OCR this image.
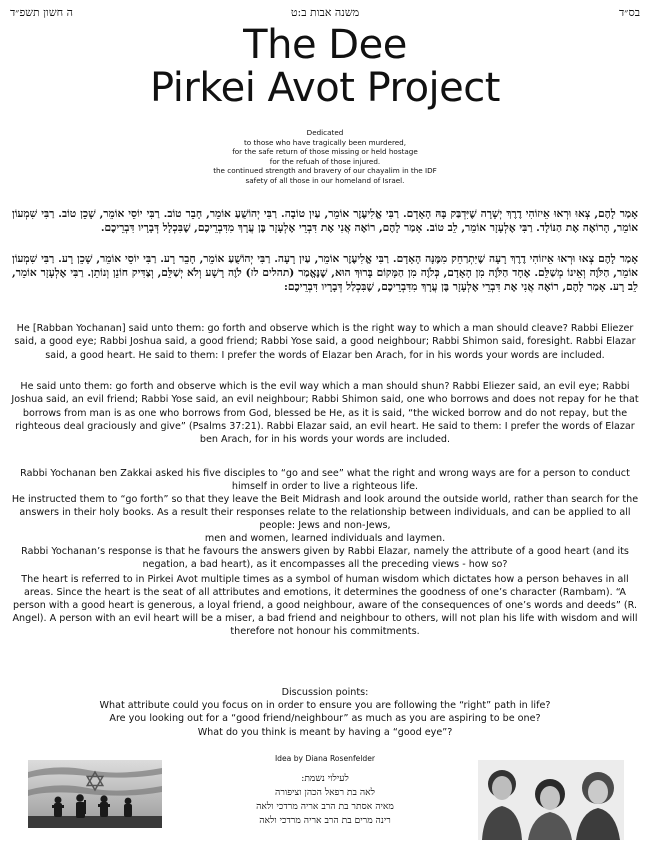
ה חשון תשפ״ד	משנה אבות ב:ט	בס״ד
The Dee
Pirkei Avot Project
Dedicated
to those who have tragically been murdered,
for the safe return of those missing or held hostage
for the refuah of those injured.
the continued strength and bravery of our chayalim in the IDF
safety of all those in our homeland of Israel.
אָמַר לָהֶם, צְאוּ וּרְאוּ אֵיזוֹהִי דֶרֶךְ יְשָׁרָה שֶׁיִּדְבַּק בָּהּ הָאָדָם. רַבִּי אֱלִיעֶזֶר אוֹמֵר, עַיִן טוֹבָה. רַבִּי יְהוֹשֻׁעַ אוֹמֵר, חָבֵר טוֹב. רַבִּי יוֹסֵי אוֹמֵר, שָׁכֵן טוֹב. רַבִּי שִׁמְעוֹן אוֹמֵר, הָרוֹאֶה אֶת הַנּוֹלָד. רַבִּי אֶלְעָזָר אוֹמֵר, לֵב טוֹב. אָמַר לָהֶם, רוֹאֶה אֲנִי אֶת דִּבְרֵי אֶלְעָזָר בֶּן עֲרָךְ מִדִּבְרֵיכֶם, שֶׁבִּכְלָל דְּבָרָיו דִּבְרֵיכֶם.
אָמַר לָהֶם צְאוּ וּרְאוּ אֵיזוֹהִי דֶרֶךְ רָעָה שֶׁיִּתְרַחֵק מִמֶּנָּה הָאָדָם. רַבִּי אֱלִיעֶזֶר אוֹמֵר, עַיִן רָעָה. רַבִּי יְהוֹשֻׁעַ אוֹמֵר, חָבֵר רָע. רַבִּי יוֹסֵי אוֹמֵר, שָׁכֵן רָע. רַבִּי שִׁמְעוֹן אוֹמֵר, הַלֹּוֶה וְאֵינוֹ מְשַׁלֵּם. אֶחָד הַלֹּוֶה מִן הָאָדָם, כְּלֹוֶה מִן הַמָּקוֹם בָּרוּךְ הוּא, שֶׁנֶּאֱמַר (תהלים לז) לֹוֶה רָשָׁע וְלֹא יְשַׁלֵּם, וְצַדִּיק חוֹנֵן וְנוֹתֵן. רַבִּי אֶלְעָזָר אוֹמֵר, לֵב רָע. אָמַר לָהֶם, רוֹאֶה אֲנִי אֶת דִּבְרֵי אֶלְעָזָר בֶּן עֲרָךְ מִדִּבְרֵיכֶם, שֶׁבִּכְלַל דְּבָרָיו דִּבְרֵיכֶם:

He [Rabban Yochanan] said unto them: go forth and observe which is the right way to which a man should cleave? Rabbi Eliezer said, a good eye; Rabbi Joshua said, a good friend; Rabbi Yose said, a good neighbour; Rabbi Shimon said, foresight. Rabbi Elazar said, a good heart. He said to them: I prefer the words of Elazar ben Arach, for in his words your words are included.

He said unto them: go forth and observe which is the evil way which a man should shun? Rabbi Eliezer said, an evil eye; Rabbi Joshua said, an evil friend; Rabbi Yose said, an evil neighbour; Rabbi Shimon said, one who borrows and does not repay for he that borrows from man is as one who borrows from God, blessed be He, as it is said, “the wicked borrow and do not repay, but the righteous deal graciously and give” (Psalms 37:21). Rabbi Elazar said, an evil heart. He said to them: I prefer the words of Elazar ben Arach, for in his words your words are included.

Rabbi Yochanan ben Zakkai asked his five disciples to “go and see” what the right and wrong ways are for a person to conduct himself in order to live a righteous life.

He instructed them to “go forth” so that they leave the Beit Midrash and look around the outside world, rather than search for the answers in their holy books. As a result their responses relate to the relationship between individuals, and can be applied to all people: Jews and non-Jews,

men and women, learned individuals and laymen.

Rabbi Yochanan’s response is that he favours the answers given by Rabbi Elazar, namely the attribute of a good heart (and its negation, a bad heart), as it encompasses all the preceding views - how so?

The heart is referred to in Pirkei Avot multiple times as a symbol of human wisdom which dictates how a person behaves in all areas. Since the heart is the seat of all attributes and emotions, it determines the goodness of one’s character (Rambam). “A person with a good heart is generous, a loyal friend, a good neighbour, aware of the consequences of one’s words and deeds” (R. Angel). A person with an evil heart will be a miser, a bad friend and neighbour to others, will not plan his life with wisdom and will therefore not honour his commitments.

Discussion points:

What attribute could you focus on in order to ensure you are following the “right” path in life?

Are you looking out for a “good friend/neighbour” as much as you are aspiring to be one?

What do you think is meant by having a “good eye”?

Idea by Diana Rosenfelder

לעילוי נשמת:

לאה בת רפאל הכהן וציפורה

מאיה אסתר בת הרב אריה מרדכי ולאה

רינה מרים בת הרב אריה מרדכי ולאה
